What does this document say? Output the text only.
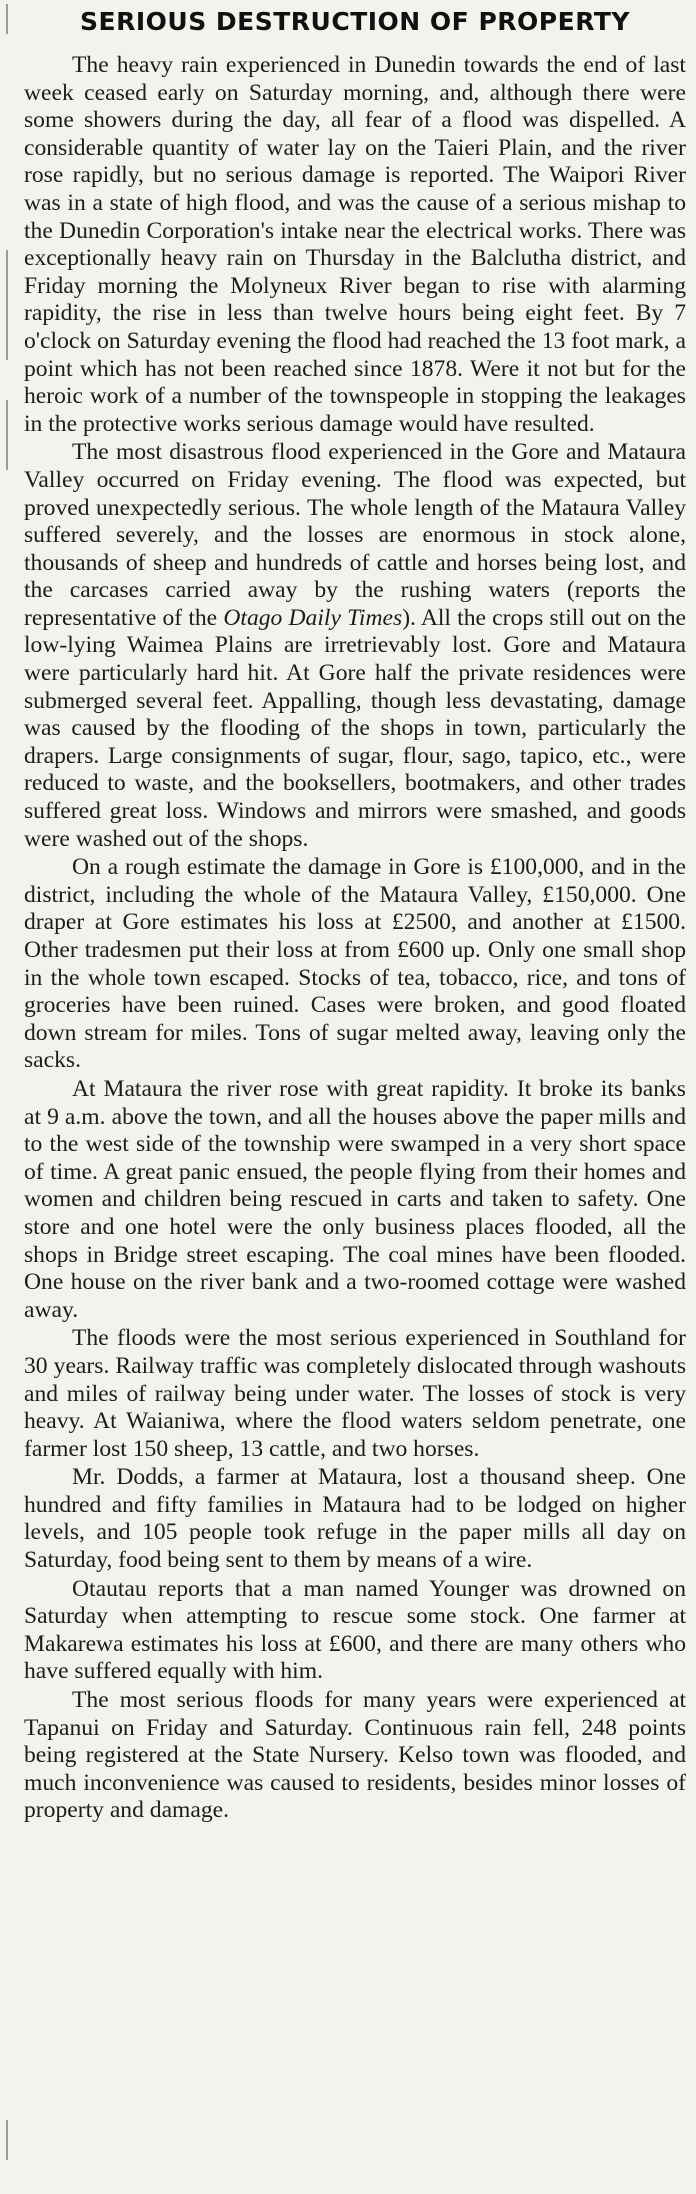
SERIOUS DESTRUCTION OF PROPERTY

The heavy rain experienced in Dunedin towards the end of last week ceased early on Saturday morning, and, although there were some showers during the day, all fear of a flood was dispelled. A considerable quantity of water lay on the Taieri Plain, and the river rose rapidly, but no serious damage is reported. The Waipori River was in a state of high flood, and was the cause of a serious mishap to the Dunedin Corporation's intake near the electrical works. There was exceptionally heavy rain on Thursday in the Balclutha district, and Friday morning the Molyneux River began to rise with alarming rapidity, the rise in less than twelve hours being eight feet. By 7 o'clock on Saturday evening the flood had reached the 13 foot mark, a point which has not been reached since 1878. Were it not but for the heroic work of a number of the townspeople in stopping the leakages in the protective works serious damage would have resulted.

The most disastrous flood experienced in the Gore and Mataura Valley occurred on Friday evening. The flood was expected, but proved unexpectedly serious. The whole length of the Mataura Valley suffered severely, and the losses are enormous in stock alone, thousands of sheep and hundreds of cattle and horses being lost, and the carcases carried away by the rushing waters (reports the representative of the Otago Daily Times). All the crops still out on the low-lying Waimea Plains are irretrievably lost. Gore and Mataura were particularly hard hit. At Gore half the private residences were submerged several feet. Appalling, though less devastating, damage was caused by the flooding of the shops in town, particularly the drapers. Large consignments of sugar, flour, sago, tapico, etc., were reduced to waste, and the booksellers, bootmakers, and other trades suffered great loss. Windows and mirrors were smashed, and goods were washed out of the shops.

On a rough estimate the damage in Gore is £100,000, and in the district, including the whole of the Mataura Valley, £150,000. One draper at Gore estimates his loss at £2500, and another at £1500. Other tradesmen put their loss at from £600 up. Only one small shop in the whole town escaped. Stocks of tea, tobacco, rice, and tons of groceries have been ruined. Cases were broken, and good floated down stream for miles. Tons of sugar melted away, leaving only the sacks.

At Mataura the river rose with great rapidity. It broke its banks at 9 a.m. above the town, and all the houses above the paper mills and to the west side of the township were swamped in a very short space of time. A great panic ensued, the people flying from their homes and women and children being rescued in carts and taken to safety. One store and one hotel were the only business places flooded, all the shops in Bridge street escaping. The coal mines have been flooded. One house on the river bank and a two-roomed cottage were washed away.

The floods were the most serious experienced in Southland for 30 years. Railway traffic was completely dislocated through washouts and miles of railway being under water. The losses of stock is very heavy. At Waianiwa, where the flood waters seldom penetrate, one farmer lost 150 sheep, 13 cattle, and two horses.

Mr. Dodds, a farmer at Mataura, lost a thousand sheep. One hundred and fifty families in Mataura had to be lodged on higher levels, and 105 people took refuge in the paper mills all day on Saturday, food being sent to them by means of a wire.

Otautau reports that a man named Younger was drowned on Saturday when attempting to rescue some stock. One farmer at Makarewa estimates his loss at £600, and there are many others who have suffered equally with him.

The most serious floods for many years were experienced at Tapanui on Friday and Saturday. Continuous rain fell, 248 points being registered at the State Nursery. Kelso town was flooded, and much inconvenience was caused to residents, besides minor losses of property and damage.
